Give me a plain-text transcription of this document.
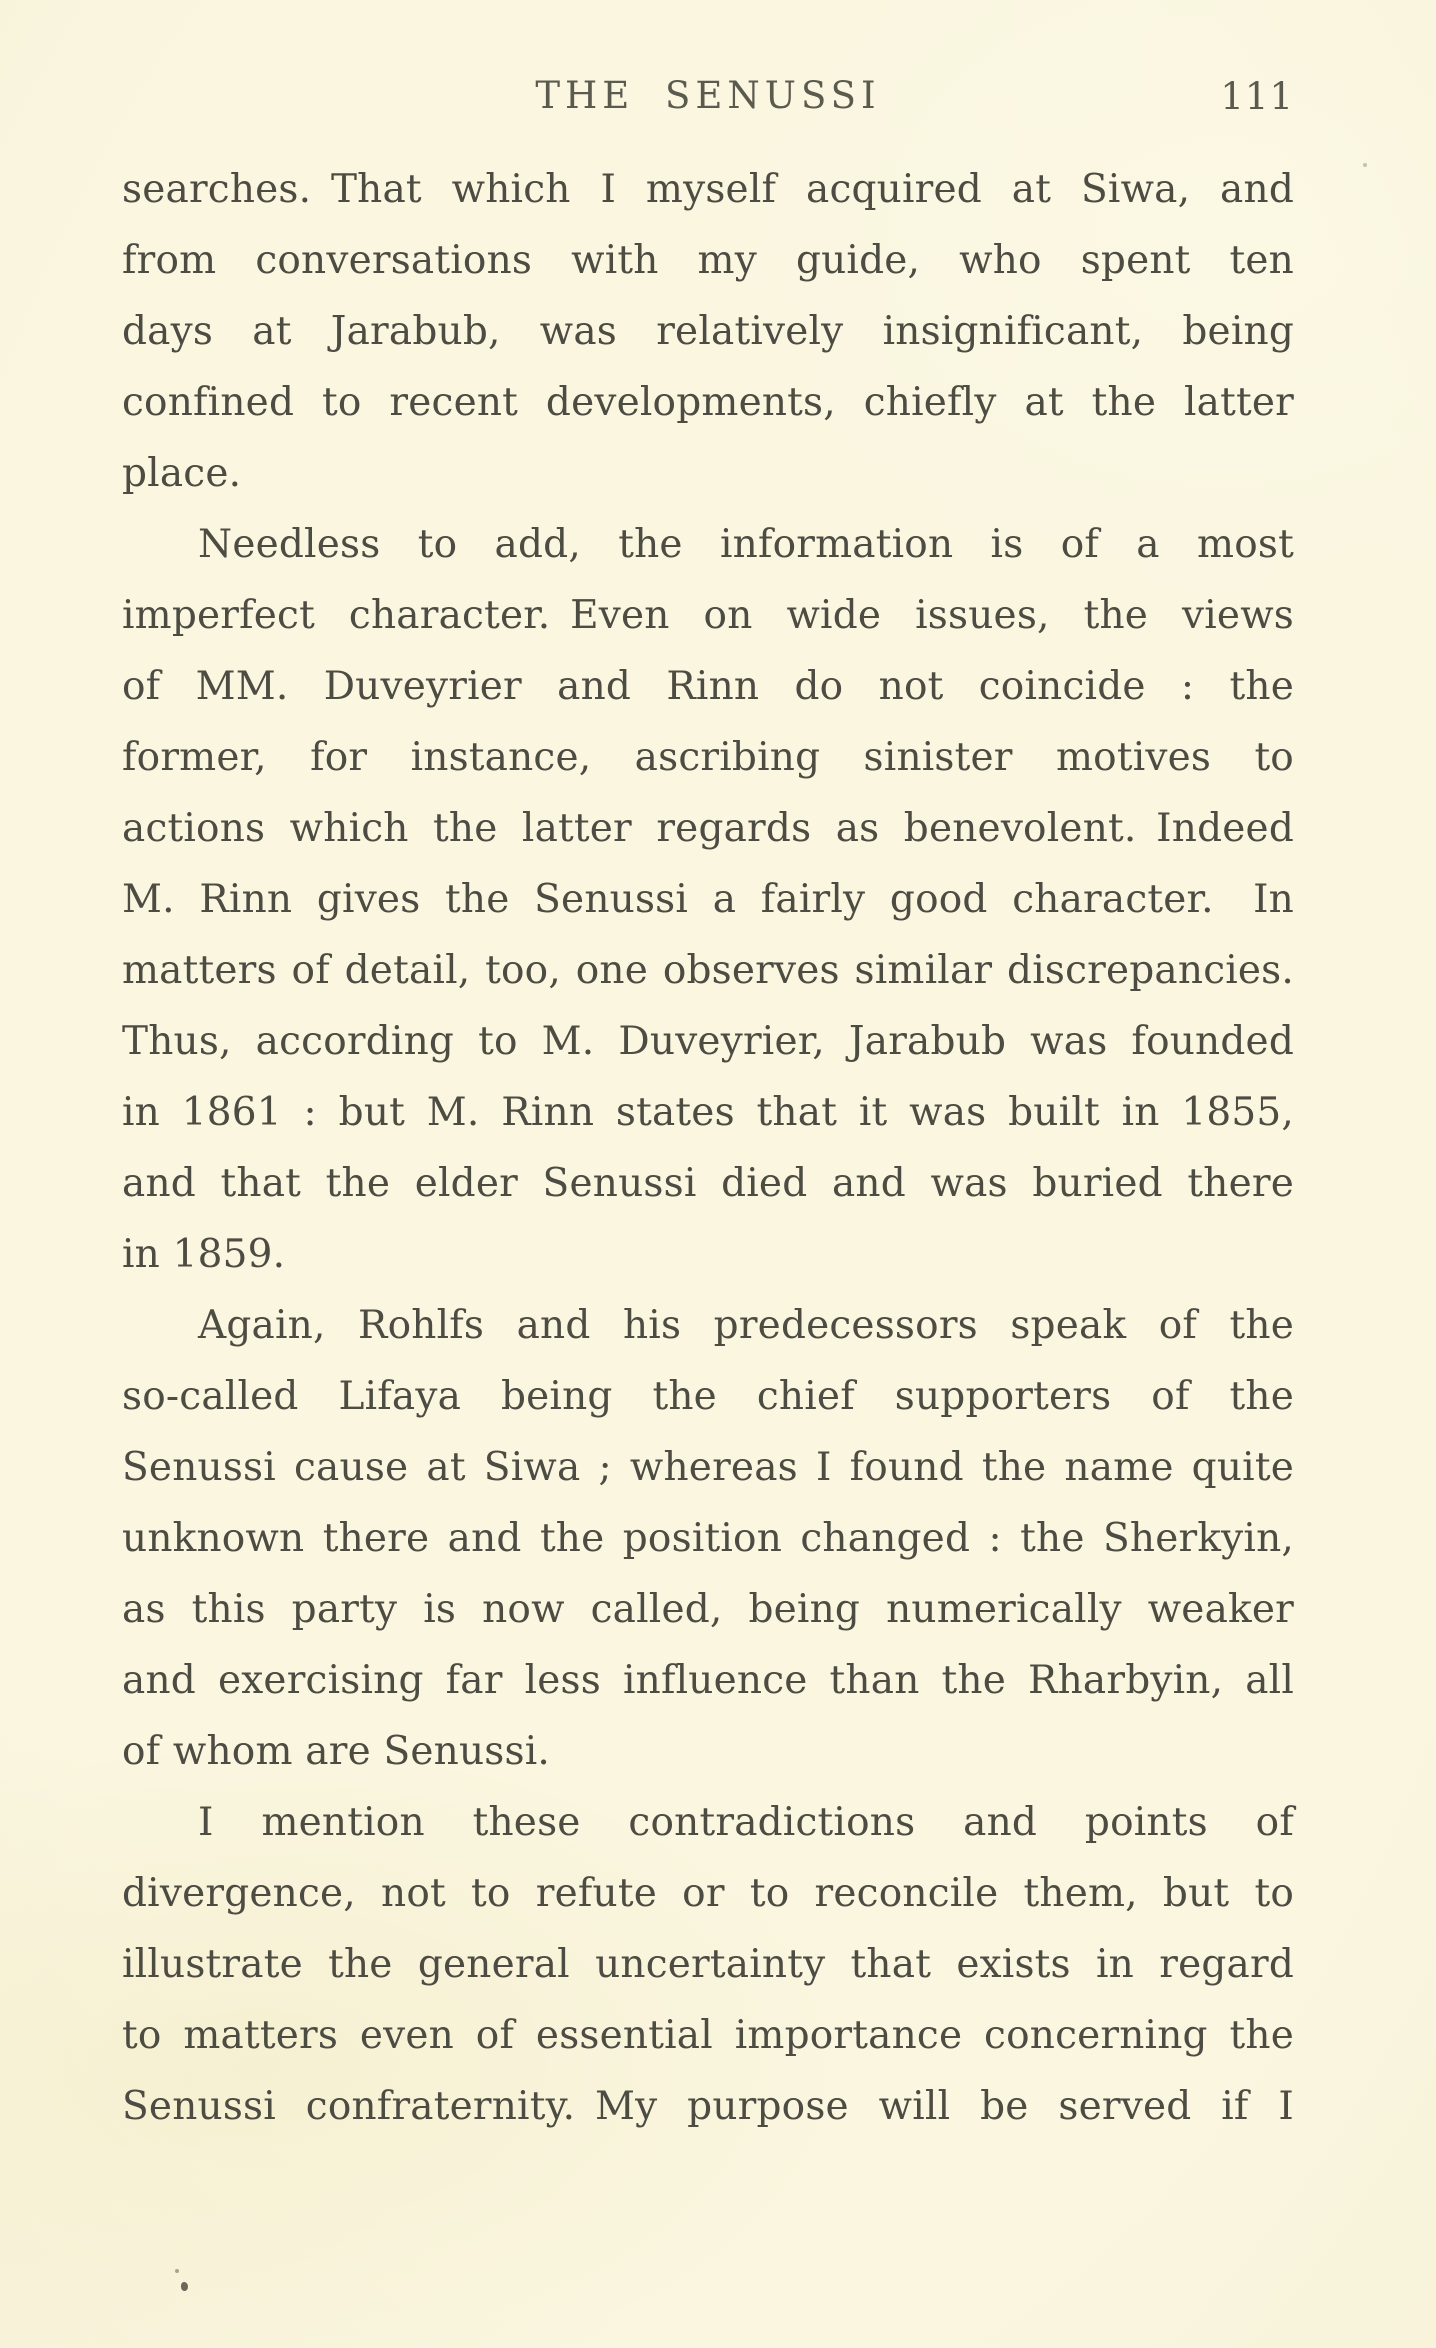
THE SENUSSI	111
searches. That which I myself acquired at Siwa, and
from conversations with my guide, who spent ten
days at Jarabub, was relatively insignificant, being
confined to recent developments, chiefly at the latter
place.
Needless to add, the information is of a most
imperfect character. Even on wide issues, the views
of MM. Duveyrier and Rinn do not coincide : the
former, for instance, ascribing sinister motives to
actions which the latter regards as benevolent. Indeed
M. Rinn gives the Senussi a fairly good character.  In
matters of detail, too, one observes similar discrepancies.
Thus, according to M. Duveyrier, Jarabub was founded
in 1861 : but M. Rinn states that it was built in 1855,
and that the elder Senussi died and was buried there
in 1859.
Again, Rohlfs and his predecessors speak of the
so-called Lifaya being the chief supporters of the
Senussi cause at Siwa ; whereas I found the name quite
unknown there and the position changed : the Sherkyin,
as this party is now called, being numerically weaker
and exercising far less influence than the Rharbyin, all
of whom are Senussi.
I mention these contradictions and points of
divergence, not to refute or to reconcile them, but to
illustrate the general uncertainty that exists in regard
to matters even of essential importance concerning the
Senussi confraternity. My purpose will be served if I
